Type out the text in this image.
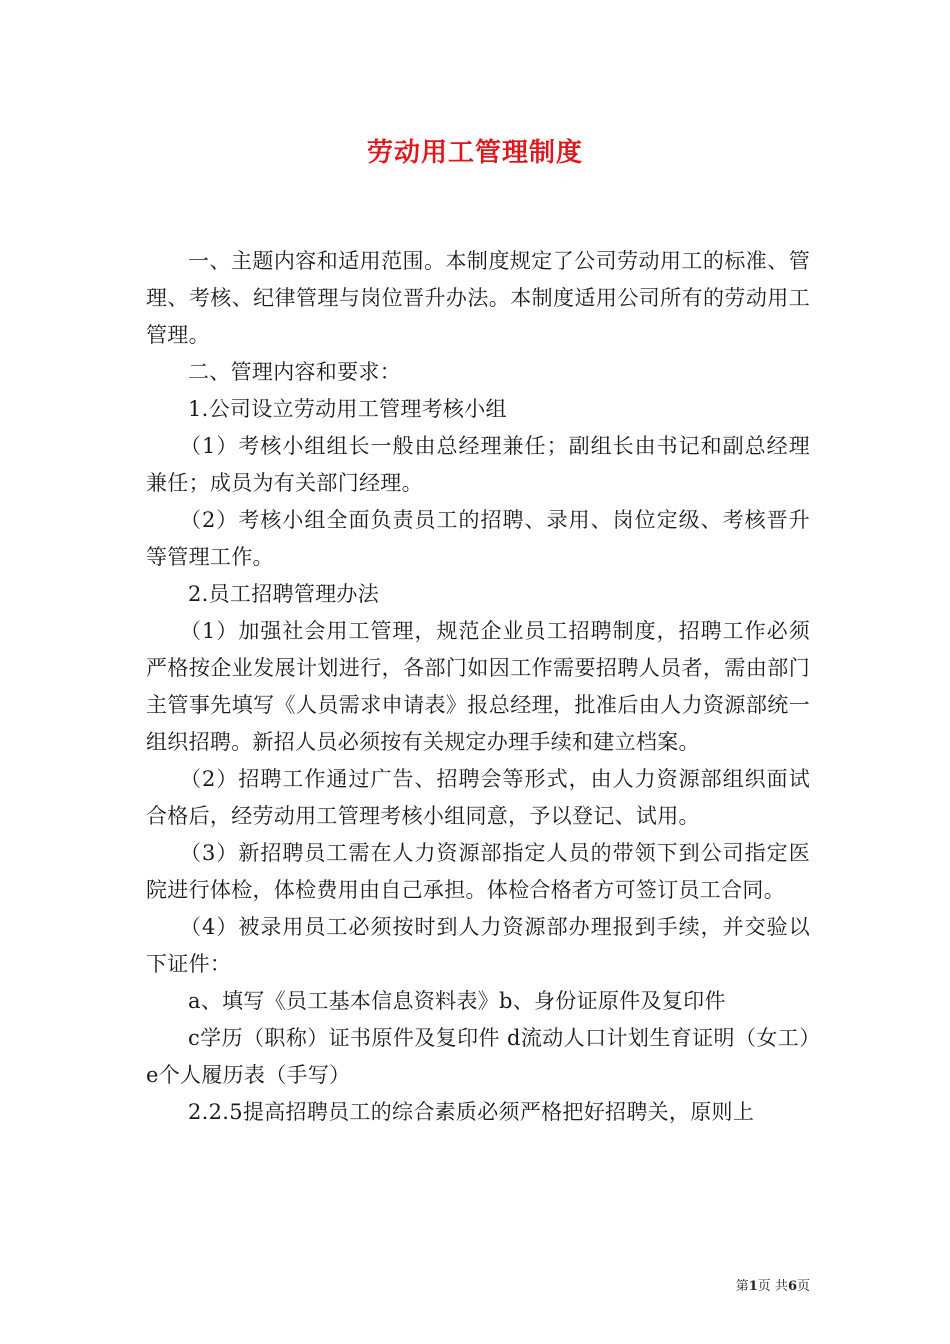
劳动用工管理制度

一、主题内容和适用范围。本制度规定了公司劳动用工的标准、管理、考核、纪律管理与岗位晋升办法。本制度适用公司所有的劳动用工管理。

二、管理内容和要求：

1.公司设立劳动用工管理考核小组

（1）考核小组组长一般由总经理兼任；副组长由书记和副总经理兼任；成员为有关部门经理。

（2）考核小组全面负责员工的招聘、录用、岗位定级、考核晋升等管理工作。

2.员工招聘管理办法

（1）加强社会用工管理，规范企业员工招聘制度，招聘工作必须严格按企业发展计划进行，各部门如因工作需要招聘人员者，需由部门主管事先填写《人员需求申请表》报总经理，批准后由人力资源部统一组织招聘。新招人员必须按有关规定办理手续和建立档案。

（2）招聘工作通过广告、招聘会等形式，由人力资源部组织面试合格后，经劳动用工管理考核小组同意，予以登记、试用。

（3）新招聘员工需在人力资源部指定人员的带领下到公司指定医院进行体检，体检费用由自己承担。体检合格者方可签订员工合同。

（4）被录用员工必须按时到人力资源部办理报到手续，并交验以下证件：

a、填写《员工基本信息资料表》b、身份证原件及复印件

c学历（职称）证书原件及复印件 d流动人口计划生育证明（女工）e个人履历表（手写）

2.2.5提高招聘员工的综合素质必须严格把好招聘关，原则上

第1页 共6页
